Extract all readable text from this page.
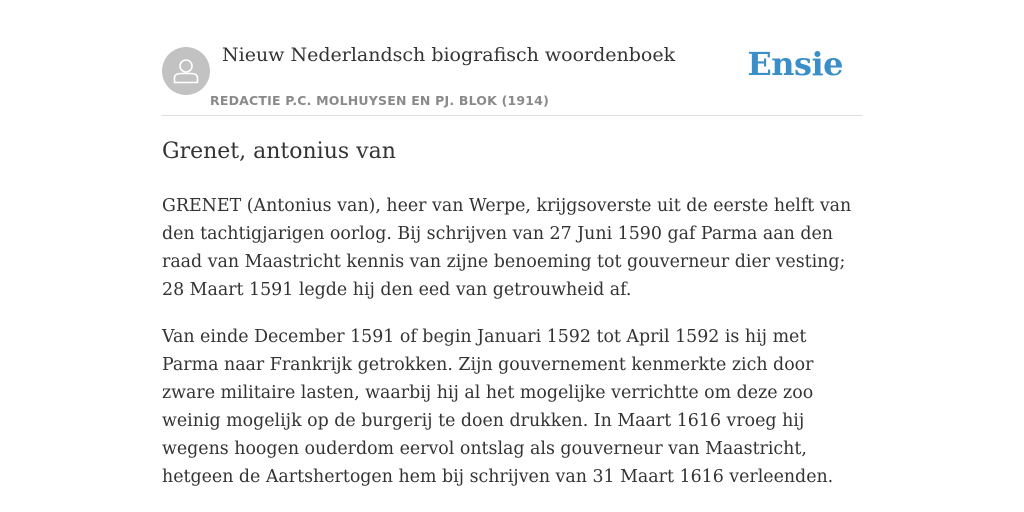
Nieuw Nederlandsch biografisch woordenboek
REDACTIE P.C. MOLHUYSEN EN PJ. BLOK (1914)
Ensie
Grenet, antonius van

GRENET (Antonius van), heer van Werpe, krijgsoverste uit de eerste helft van den tachtigjarigen oorlog. Bij schrijven van 27 Juni 1590 gaf Parma aan den raad van Maastricht kennis van zijne benoeming tot gouverneur dier vesting; 28 Maart 1591 legde hij den eed van getrouwheid af.

Van einde December 1591 of begin Januari 1592 tot April 1592 is hij met Parma naar Frankrijk getrokken. Zijn gouvernement kenmerkte zich door zware militaire lasten, waarbij hij al het mogelijke verrichtte om deze zoo weinig mogelijk op de burgerij te doen drukken. In Maart 1616 vroeg hij wegens hoogen ouderdom eervol ontslag als gouverneur van Maastricht, hetgeen de Aartshertogen hem bij schrijven van 31 Maart 1616 verleenden.
